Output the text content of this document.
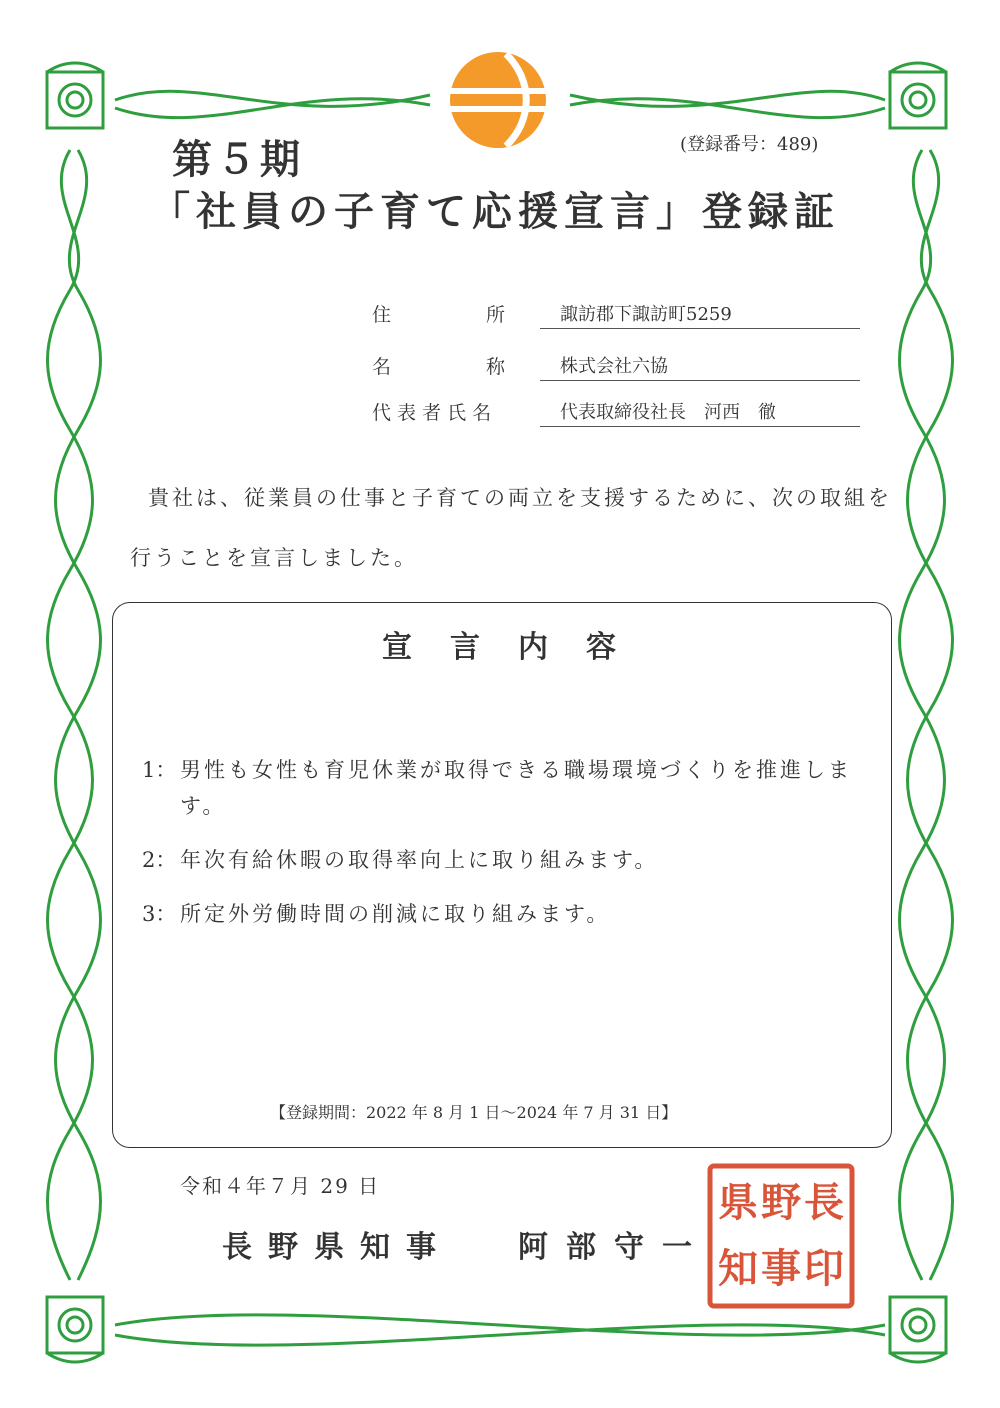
第５期	(登録番号：489)
「社員の子育て応援宣言」登録証
住　　　　　所	諏訪郡下諏訪町5259
名　　　　　称	株式会社六協
代 表 者 氏 名	代表取締役社長　河西　徹
貴社は、従業員の仕事と子育ての両立を支援するために、次の取組を
行うことを宣言しました。
宣言内容
1： 男性も女性も育児休業が取得できる職場環境づくりを推進しま
す。
2： 年次有給休暇の取得率向上に取り組みます。
3： 所定外労働時間の削減に取り組みます。
【登録期間：2022 年 8 月 1 日～2024 年 7 月 31 日】
令和４年７月 29 日
長野県知事 阿部守一
長
野
県
知 事 印
